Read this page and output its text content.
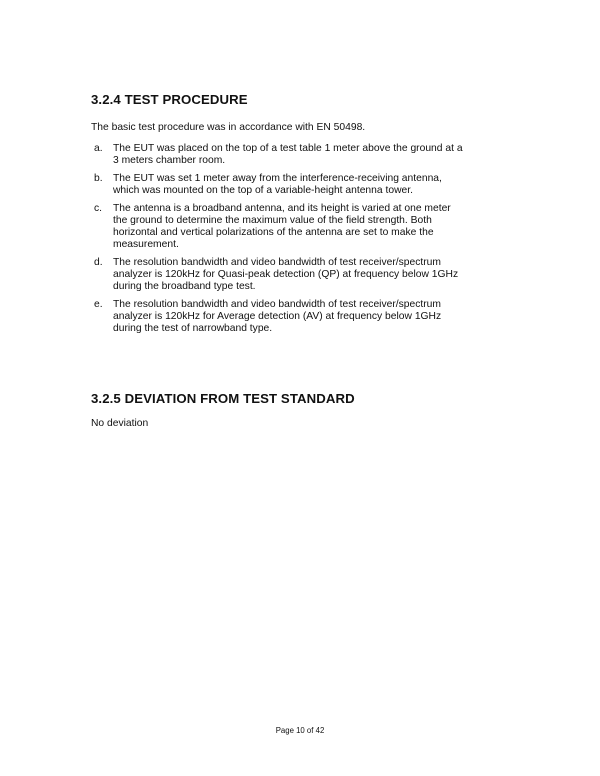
3.2.4 TEST PROCEDURE

The basic test procedure was in accordance with EN 50498.

a. The EUT was placed on the top of a test table 1 meter above the ground at a
3 meters chamber room.
b. The EUT was set 1 meter away from the interference-receiving antenna,
which was mounted on the top of a variable-height antenna tower.
c. The antenna is a broadband antenna, and its height is varied at one meter
the ground to determine the maximum value of the field strength. Both
horizontal and vertical polarizations of the antenna are set to make the
measurement.
d. The resolution bandwidth and video bandwidth of test receiver/spectrum
analyzer is 120kHz for Quasi-peak detection (QP) at frequency below 1GHz
during the broadband type test.
e. The resolution bandwidth and video bandwidth of test receiver/spectrum
analyzer is 120kHz for Average detection (AV) at frequency below 1GHz
during the test of narrowband type.
3.2.5 DEVIATION FROM TEST STANDARD

No deviation

Page 10 of 42
